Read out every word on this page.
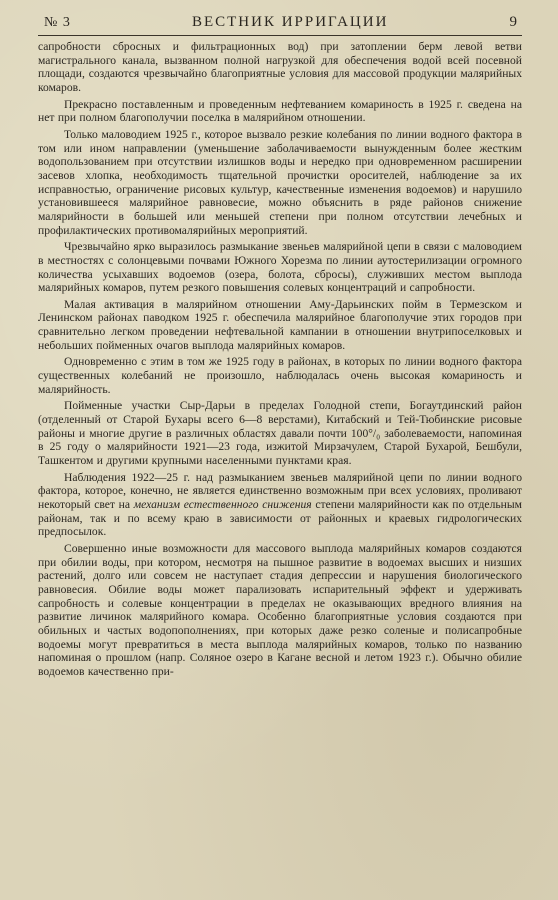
№ 3	ВЕСТНИК ИРРИГАЦИИ	9

сапробности сбросных и фильтрационных вод) при затоплении берм левой ветви магистрального канала, вызванном полной нагрузкой для обеспечения водой всей посевной площади, создаются чрезвычайно благоприятные условия для массовой продукции малярийных комаров.

Прекрасно поставленным и проведенным нефтеванием комариность в 1925 г. сведена на нет при полном благополучии поселка в малярийном отношении.

Только маловодием 1925 г., которое вызвало резкие колебания по линии водного фактора в том или ином направлении (уменьшение заболачиваемости вынужденным более жестким водопользованием при отсутствии излишков воды и нередко при одновременном расширении засевов хлопка, необходимость тщательной прочистки оросителей, наблюдение за их исправностью, ограничение рисовых культур, качественные изменения водоемов) и нарушило установившееся малярийное равновесие, можно объяснить в ряде районов снижение малярийности в большей или меньшей степени при полном отсутствии лечебных и профилактических противомалярийных мероприятий.

Чрезвычайно ярко выразилось размыкание звеньев малярийной цепи в связи с маловодием в местностях с солонцевыми почвами Южного Хорезма по линии аутостерилизации огромного количества усыхавших водоемов (озера, болота, сбросы), служивших местом выплода малярийных комаров, путем резкого повышения солевых концентраций и сапробности.

Малая активация в малярийном отношении Аму-Дарьинских пойм в Термезском и Ленинском районах паводком 1925 г. обеспечила малярийное благополучие этих городов при сравнительно легком проведении нефтевальной кампании в отношении внутрипоселковых и небольших пойменных очагов выплода малярийных комаров.

Одновременно с этим в том же 1925 году в районах, в которых по линии водного фактора существенных колебаний не произошло, наблюдалась очень высокая комариность и малярийность.

Пойменные участки Сыр-Дарьи в пределах Голодной степи, Богаутдинский район (отделенный от Старой Бухары всего 6—8 верстами), Китабский и Тей-Тюбинские рисовые районы и многие другие в различных областях давали почти 100°/₀ заболеваемости, напоминая в 25 году о малярийности 1921—23 года, изжитой Мирзачулем, Старой Бухарой, Бешбули, Ташкентом и другими крупными населенными пунктами края.

Наблюдения 1922—25 г. над размыканием звеньев малярийной цепи по линии водного фактора, которое, конечно, не является единственно возможным при всех условиях, проливают некоторый свет на механизм естественного снижения степени малярийности как по отдельным районам, так и по всему краю в зависимости от районных и краевых гидрологических предпосылок.

Совершенно иные возможности для массового выплода малярийных комаров создаются при обилии воды, при котором, несмотря на пышное развитие в водоемах высших и низших растений, долго или совсем не наступает стадия депрессии и нарушения биологического равновесия. Обилие воды может парализовать испарительный эффект и удерживать сапробность и солевые концентрации в пределах не оказывающих вредного влияния на развитие личинок малярийного комара. Особенно благоприятные условия создаются при обильных и частых водопополнениях, при которых даже резко соленые и полисапробные водоемы могут превратиться в места выплода малярийных комаров, только по названию напоминая о прошлом (напр. Соляное озеро в Кагане весной и летом 1923 г.). Обычно обилие водоемов качественно при-
